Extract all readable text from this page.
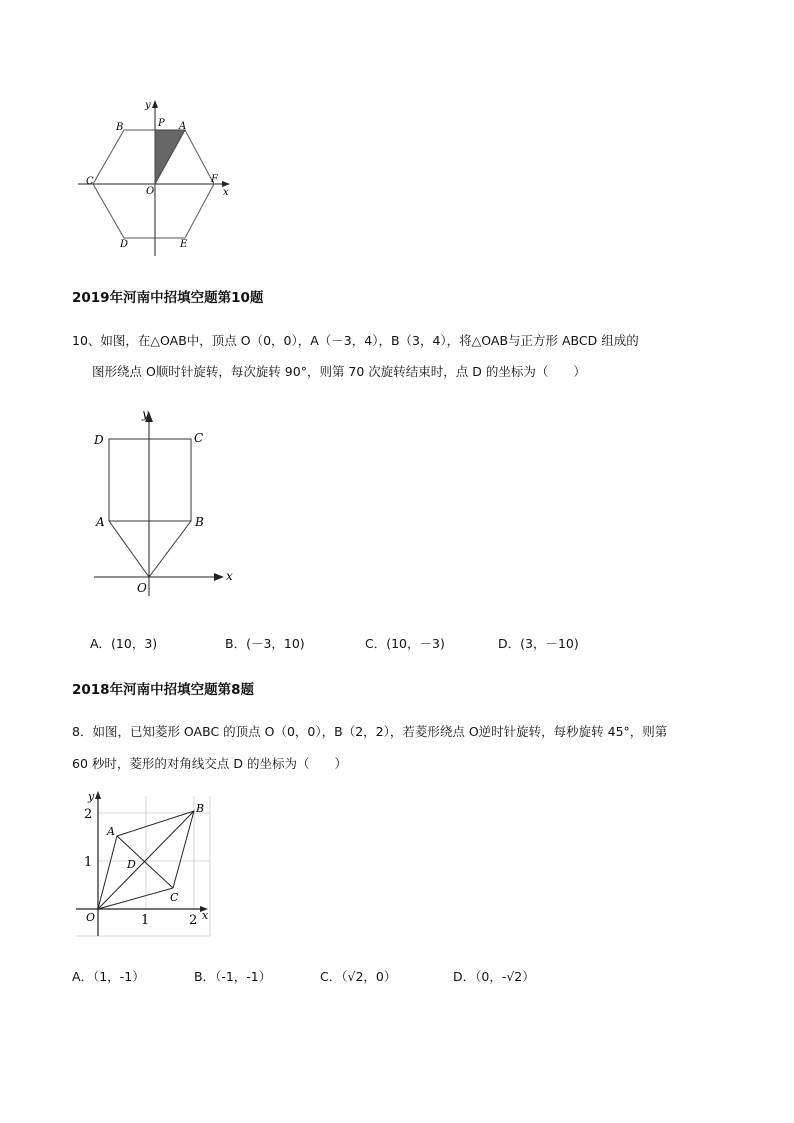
B	P A
C
O
F
x
y
D	E
2019年河南中招填空题第10题
10、如图，在△OAB中，顶点 O（0，0），A（－3，4），B（3，4），将△OAB与正方形 ABCD 组成的
图形绕点 O顺时针旋转，每次旋转 90°，则第 70 次旋转结束时，点 D 的坐标为（　　）
D	C
A	B
O
x
y
A．(10，3)	B．(－3，10)	C．(10，－3)	D．(3，－10)
2018年河南中招填空题第8题
8．如图，已知菱形 OABC 的顶点 O（0，0），B（2，2），若菱形绕点 O逆时针旋转，每秒旋转 45°，则第
60 秒时，菱形的对角线交点 D 的坐标为（　　）
y
2
1
A
B
D
C
O	1	2 x
A．（1，-1）	B．（-1，-1）	C．（√2，0）	D．（0，-√2）
